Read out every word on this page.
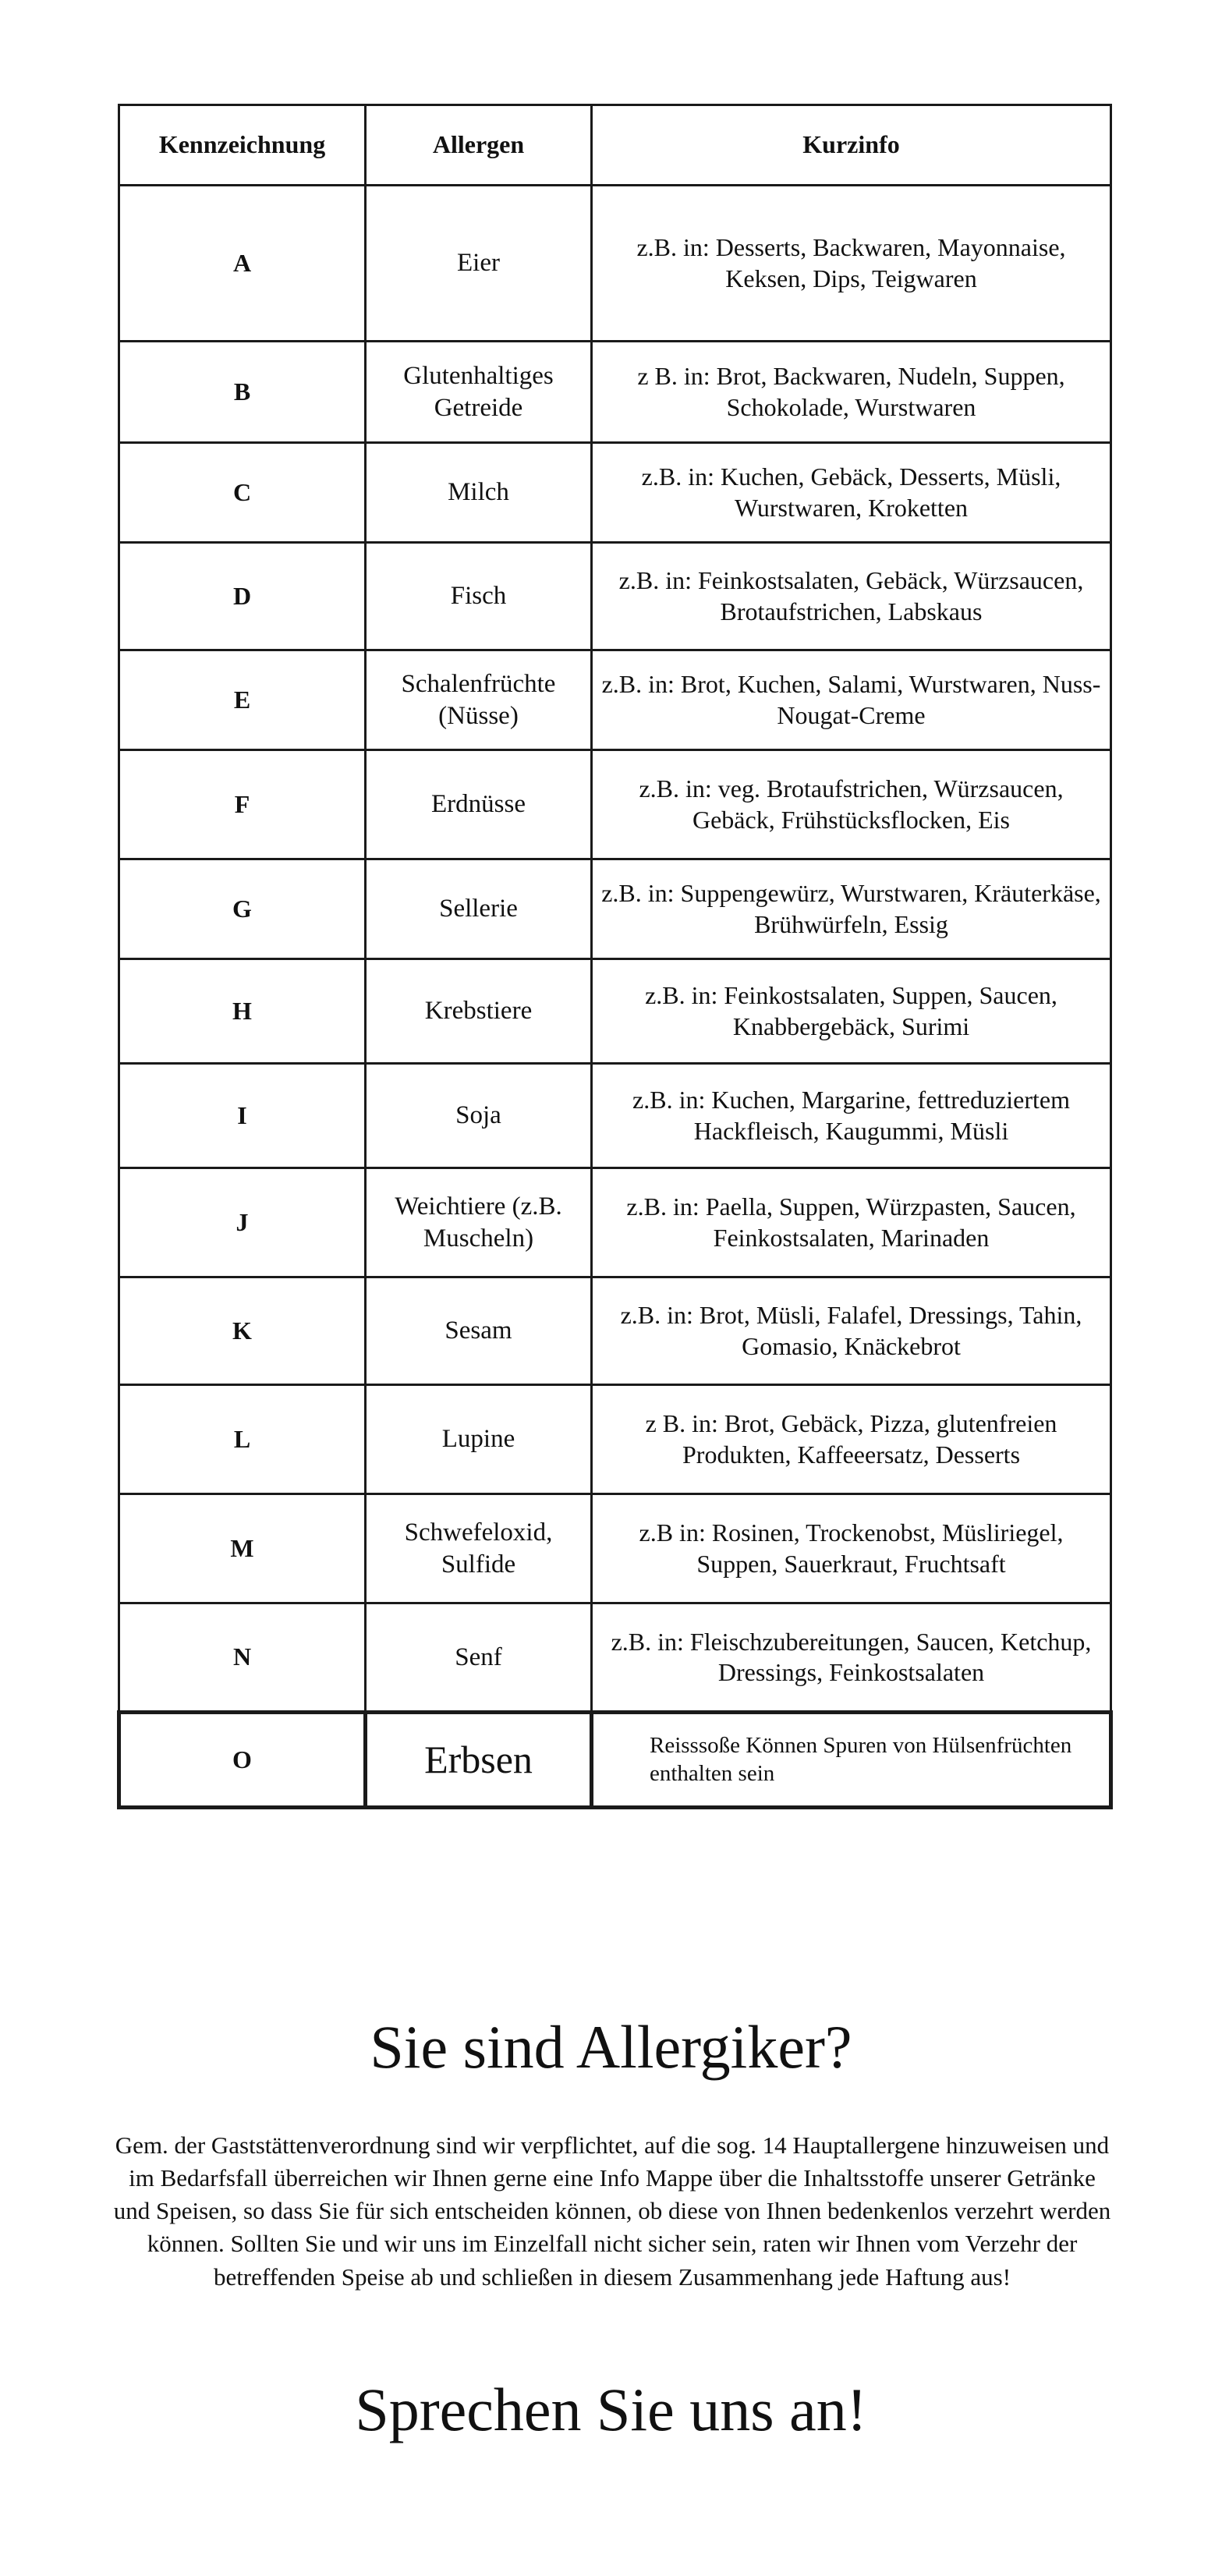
Kennzeichnung	Allergen	Kurzinfo
A	Eier	z.B. in: Desserts, Backwaren, Mayonnaise, Keksen, Dips, Teigwaren
B	Glutenhaltiges Getreide	z B. in: Brot, Backwaren, Nudeln, Suppen, Schokolade, Wurstwaren
C	Milch	z.B. in: Kuchen, Gebäck, Desserts, Müsli, Wurstwaren, Kroketten
D	Fisch	z.B. in: Feinkostsalaten, Gebäck, Würzsaucen, Brotaufstrichen, Labskaus
E	Schalenfrüchte (Nüsse)	z.B. in: Brot, Kuchen, Salami, Wurstwaren, Nuss-Nougat-Creme
F	Erdnüsse	z.B. in: veg. Brotaufstrichen, Würzsaucen, Gebäck, Frühstücksflocken, Eis
G	Sellerie	z.B. in: Suppengewürz, Wurstwaren, Kräuterkäse, Brühwürfeln, Essig
H	Krebstiere	z.B. in: Feinkostsalaten, Suppen, Saucen, Knabbergebäck, Surimi
I	Soja	z.B. in: Kuchen, Margarine, fettreduziertem Hackfleisch, Kaugummi, Müsli
J	Weichtiere (z.B. Muscheln)	z.B. in: Paella, Suppen, Würzpasten, Saucen, Feinkostsalaten, Marinaden
K	Sesam	z.B. in: Brot, Müsli, Falafel, Dressings, Tahin, Gomasio, Knäckebrot
L	Lupine	z B. in: Brot, Gebäck, Pizza, glutenfreien Produkten, Kaffeeersatz, Desserts
M	Schwefeloxid, Sulfide	z.B in: Rosinen, Trockenobst, Müsliriegel, Suppen, Sauerkraut, Fruchtsaft
N	Senf	z.B. in: Fleischzubereitungen, Saucen, Ketchup, Dressings, Feinkostsalaten
O	Erbsen	Reisssoße Können Spuren von Hülsenfrüchten enthalten sein
Sie sind Allergiker?
Gem. der Gaststättenverordnung sind wir verpflichtet, auf die sog. 14 Hauptallergene hinzuweisen und im Bedarfsfall überreichen wir Ihnen gerne eine Info Mappe über die Inhaltsstoffe unserer Getränke und Speisen, so dass Sie für sich entscheiden können, ob diese von Ihnen bedenkenlos verzehrt werden können. Sollten Sie und wir uns im Einzelfall nicht sicher sein, raten wir Ihnen vom Verzehr der betreffenden Speise ab und schließen in diesem Zusammenhang jede Haftung aus!
Sprechen Sie uns an!
